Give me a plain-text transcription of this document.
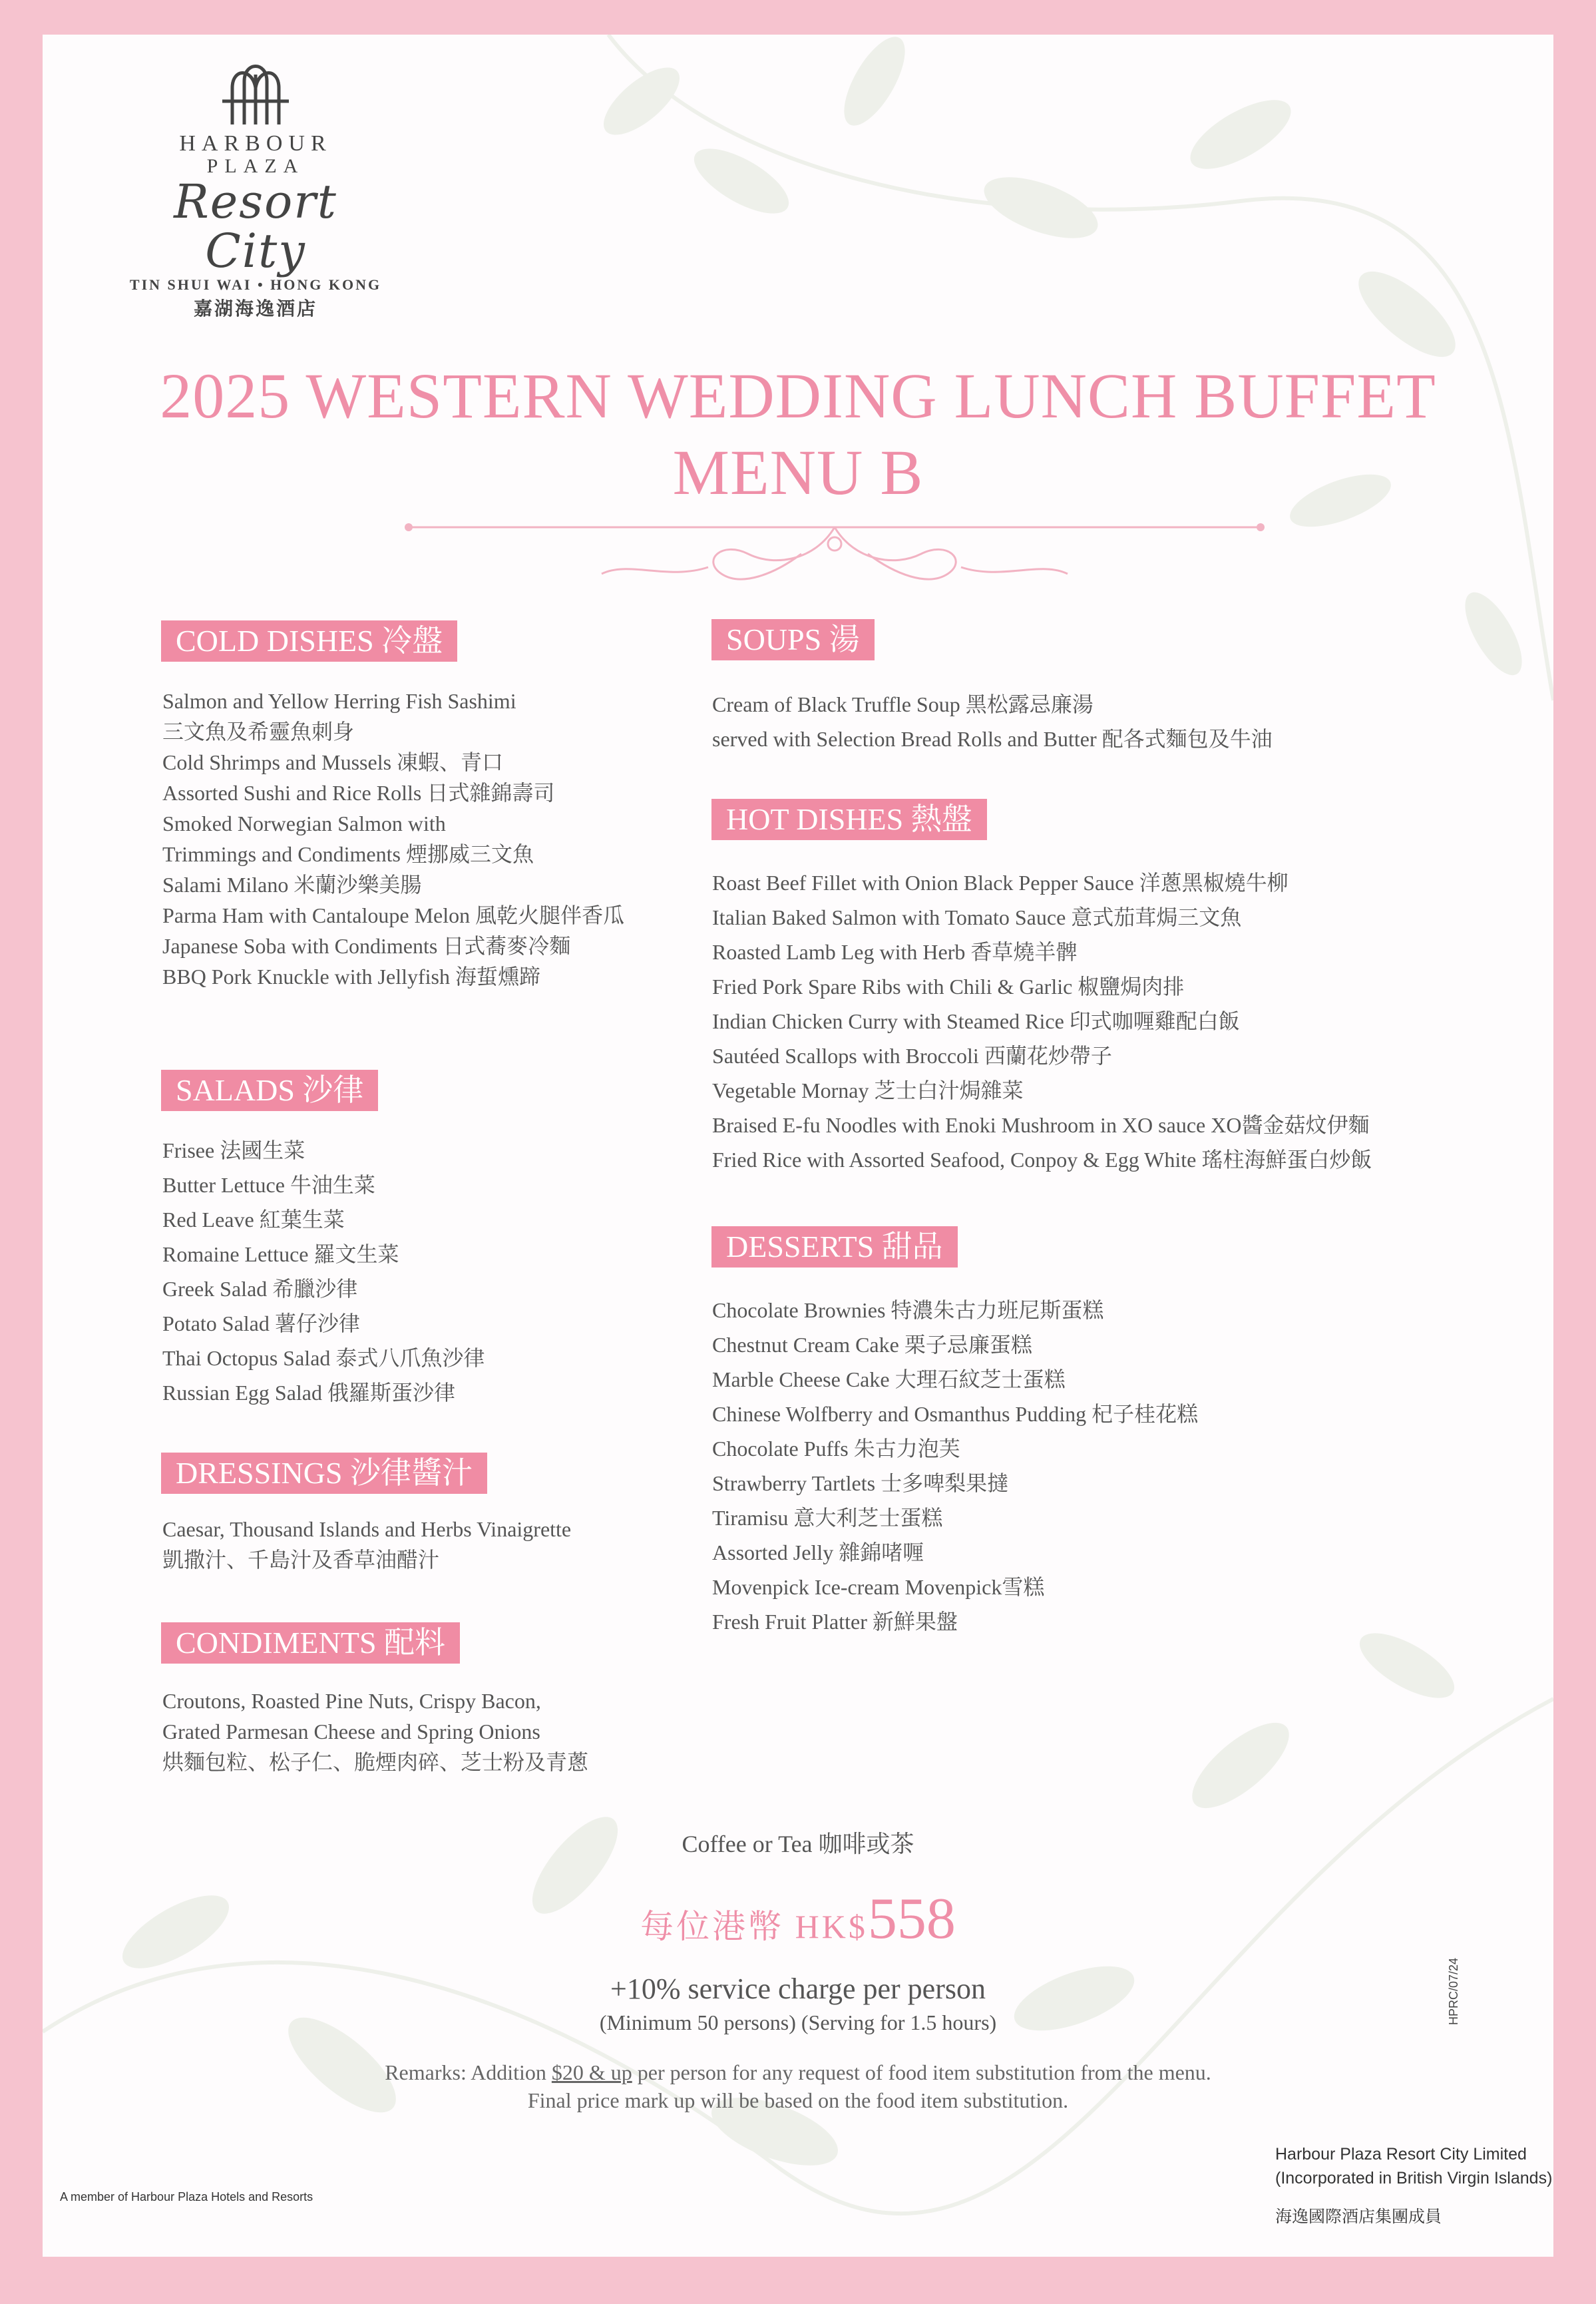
HARBOUR
PLAZA
Resort City
TIN SHUI WAI • HONG KONG
嘉湖海逸酒店
2025 WESTERN WEDDING LUNCH BUFFET
MENU B
COLD DISHES 冷盤
Salmon and Yellow Herring Fish Sashimi
三文魚及希靈魚刺身
Cold Shrimps and Mussels 凍蝦、青口
Assorted Sushi and Rice Rolls 日式雜錦壽司
Smoked Norwegian Salmon with
Trimmings and Condiments 煙挪威三文魚
Salami Milano 米蘭沙樂美腸
Parma Ham with Cantaloupe Melon 風乾火腿伴香瓜
Japanese Soba with Condiments 日式蕎麥冷麵
BBQ Pork Knuckle with Jellyfish 海蜇燻蹄
SALADS 沙律
Frisee 法國生菜
Butter Lettuce 牛油生菜
Red Leave 紅葉生菜
Romaine Lettuce 羅文生菜
Greek Salad 希臘沙律
Potato Salad 薯仔沙律
Thai Octopus Salad 泰式八爪魚沙律
Russian Egg Salad 俄羅斯蛋沙律
DRESSINGS 沙律醬汁
Caesar, Thousand Islands and Herbs Vinaigrette
凱撒汁、千島汁及香草油醋汁
CONDIMENTS 配料
Croutons, Roasted Pine Nuts, Crispy Bacon,
Grated Parmesan Cheese and Spring Onions
烘麵包粒、松子仁、脆煙肉碎、芝士粉及青蔥
SOUPS 湯
Cream of Black Truffle Soup 黑松露忌廉湯
served with Selection Bread Rolls and Butter 配各式麵包及牛油
HOT DISHES 熱盤
Roast Beef Fillet with Onion Black Pepper Sauce 洋蔥黑椒燒牛柳
Italian Baked Salmon with Tomato Sauce 意式茄茸焗三文魚
Roasted Lamb Leg with Herb 香草燒羊髀
Fried Pork Spare Ribs with Chili & Garlic 椒鹽焗肉排
Indian Chicken Curry with Steamed Rice 印式咖喱雞配白飯
Sautéed Scallops with Broccoli 西蘭花炒帶子
Vegetable Mornay 芝士白汁焗雜菜
Braised E-fu Noodles with Enoki Mushroom in XO sauce XO醬金菇炆伊麵
Fried Rice with Assorted Seafood, Conpoy & Egg White 瑤柱海鮮蛋白炒飯
DESSERTS 甜品
Chocolate Brownies 特濃朱古力班尼斯蛋糕
Chestnut Cream Cake 栗子忌廉蛋糕
Marble Cheese Cake 大理石紋芝士蛋糕
Chinese Wolfberry and Osmanthus Pudding 杞子桂花糕
Chocolate Puffs 朱古力泡芙
Strawberry Tartlets 士多啤梨果撻
Tiramisu 意大利芝士蛋糕
Assorted Jelly 雜錦啫喱
Movenpick Ice-cream Movenpick雪糕
Fresh Fruit Platter 新鮮果盤
Coffee or Tea 咖啡或茶
每位港幣 HK$558
+10% service charge per person
(Minimum 50 persons) (Serving for 1.5 hours)
Remarks: Addition $20 & up per person for any request of food item substitution from the menu.
Final price mark up will be based on the food item substitution.
HPRC/07/24
Harbour Plaza Resort City Limited
(Incorporated in British Virgin Islands)
海逸國際酒店集團成員
A member of Harbour Plaza Hotels and Resorts
